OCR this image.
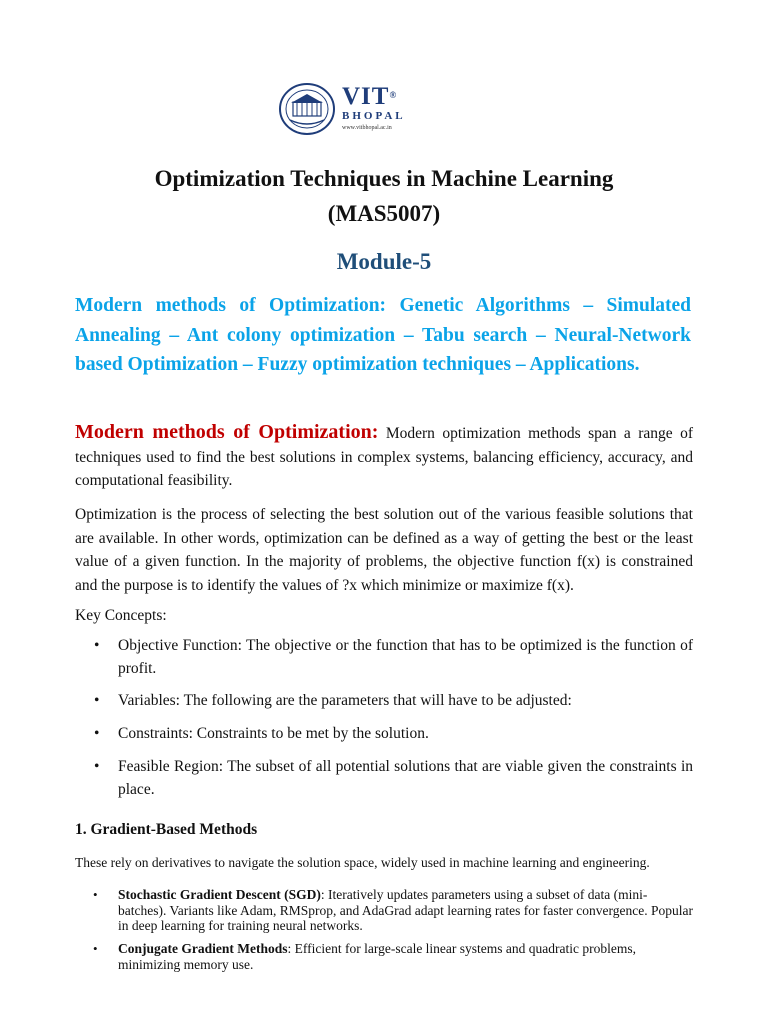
VIT®
BHOPAL
www.vitbhopal.ac.in
Optimization Techniques in Machine Learning
(MAS5007)
Module-5
Modern methods of Optimization: Genetic Algorithms – Simulated Annealing – Ant colony optimization – Tabu search – Neural-Network based Optimization – Fuzzy optimization techniques – Applications.
Modern methods of Optimization: Modern optimization methods span a range of techniques used to find the best solutions in complex systems, balancing efficiency, accuracy, and computational feasibility.
Optimization is the process of selecting the best solution out of the various feasible solutions that are available. In other words, optimization can be defined as a way of getting the best or the least value of a given function. In the majority of problems, the objective function f(x) is constrained and the purpose is to identify the values of ?x which minimize or maximize f(x).
Key Concepts:
• Objective Function: The objective or the function that has to be optimized is the function of profit.
• Variables: The following are the parameters that will have to be adjusted:
• Constraints: Constraints to be met by the solution.
• Feasible Region: The subset of all potential solutions that are viable given the constraints in place.
1. Gradient-Based Methods
These rely on derivatives to navigate the solution space, widely used in machine learning and engineering.
• Stochastic Gradient Descent (SGD): Iteratively updates parameters using a subset of data (mini-batches). Variants like Adam, RMSprop, and AdaGrad adapt learning rates for faster convergence. Popular in deep learning for training neural networks.
• Conjugate Gradient Methods: Efficient for large-scale linear systems and quadratic problems, minimizing memory use.
